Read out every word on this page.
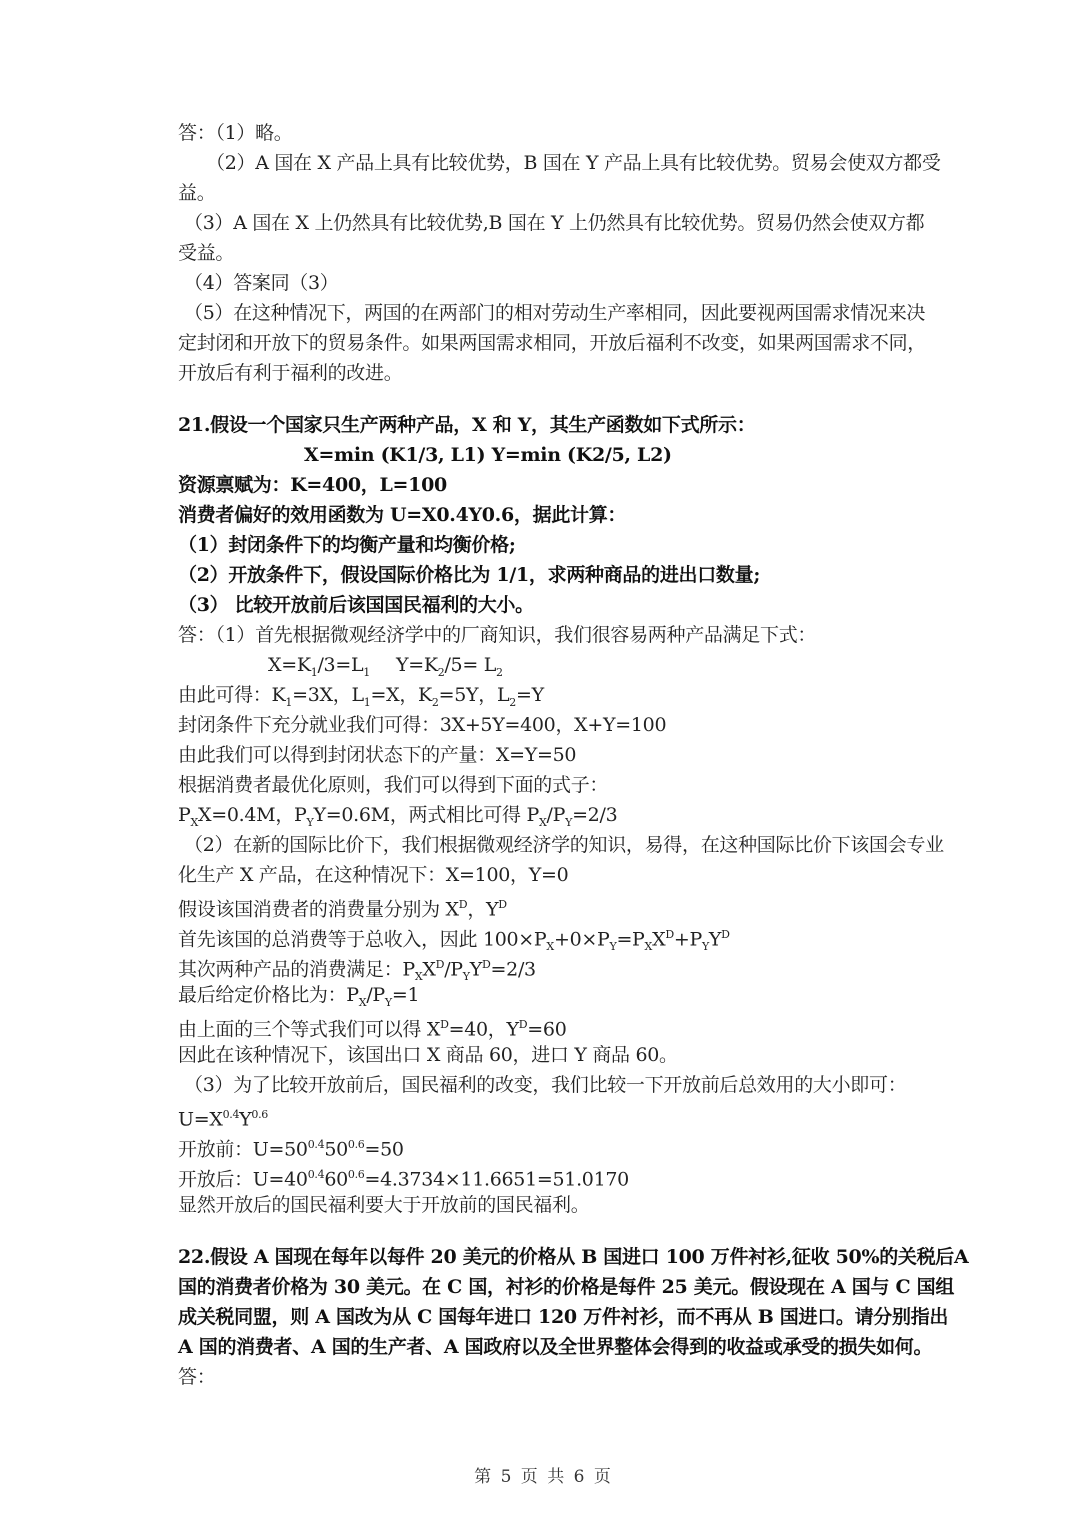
答：（1）略。
（2）A 国在 X 产品上具有比较优势，B 国在 Y 产品上具有比较优势。贸易会使双方都受
益。
（3）A 国在 X 上仍然具有比较优势,B 国在 Y 上仍然具有比较优势。贸易仍然会使双方都
受益。
（4）答案同（3）
（5）在这种情况下，两国的在两部门的相对劳动生产率相同，因此要视两国需求情况来决
定封闭和开放下的贸易条件。如果两国需求相同，开放后福利不改变，如果两国需求不同，
开放后有利于福利的改进。
21.假设一个国家只生产两种产品，X 和 Y，其生产函数如下式所示：
X=min (K1/3, L1) Y=min (K2/5, L2)
资源禀赋为：K=400，L=100
消费者偏好的效用函数为 U=X0.4Y0.6，据此计算：
（1）封闭条件下的均衡产量和均衡价格;
（2）开放条件下，假设国际价格比为 1/1，求两种商品的进出口数量;
（3） 比较开放前后该国国民福利的大小。
答：（1）首先根据微观经济学中的厂商知识，我们很容易两种产品满足下式：
$X=K_1/3=L_1$ $Y=K_2/5= L_2$
由此可得：$K_1=3X$，$L_1=X$，$K_2=5Y$，$L_2=Y$
封闭条件下充分就业我们可得：3X+5Y=400，X+Y=100
由此我们可以得到封闭状态下的产量：X=Y=50
根据消费者最优化原则，我们可以得到下面的式子：
$P_XX=0.4M$，$P_YY=0.6M$，两式相比可得 $P_X/P_Y=2/3$
（2）在新的国际比价下，我们根据微观经济学的知识，易得，在这种国际比价下该国会专业
化生产 X 产品，在这种情况下：X=100，Y=0
假设该国消费者的消费量分别为 $X^D$，$Y^D$
首先该国的总消费等于总收入，因此 $100\times P_X+0\times P_Y=P_XX^D+P_YY^D$
其次两种产品的消费满足：$P_XX^D/P_YY^D=2/3$
最后给定价格比为：$P_X/P_Y=1$
由上面的三个等式我们可以得 $X^D=40$，$Y^D=60$
因此在该种情况下，该国出口 X 商品 60，进口 Y 商品 60。
（3）为了比较开放前后，国民福利的改变，我们比较一下开放前后总效用的大小即可：
$U=X^{0.4}Y^{0.6}$
开放前：$U=50^{0.4}50^{0.6}=50$
开放后：$U=40^{0.4}60^{0.6}=4.3734\times 11.6651=51.0170$
显然开放后的国民福利要大于开放前的国民福利。
22.假设 A 国现在每年以每件 20 美元的价格从 B 国进口 100 万件衬衫,征收 50%的关税后A
国的消费者价格为 30 美元。在 C 国，衬衫的价格是每件 25 美元。假设现在 A 国与 C 国组
成关税同盟，则 A 国改为从 C 国每年进口 120 万件衬衫，而不再从 B 国进口。请分别指出
A 国的消费者、A 国的生产者、A 国政府以及全世界整体会得到的收益或承受的损失如何。
答：
第 5 页 共 6 页
